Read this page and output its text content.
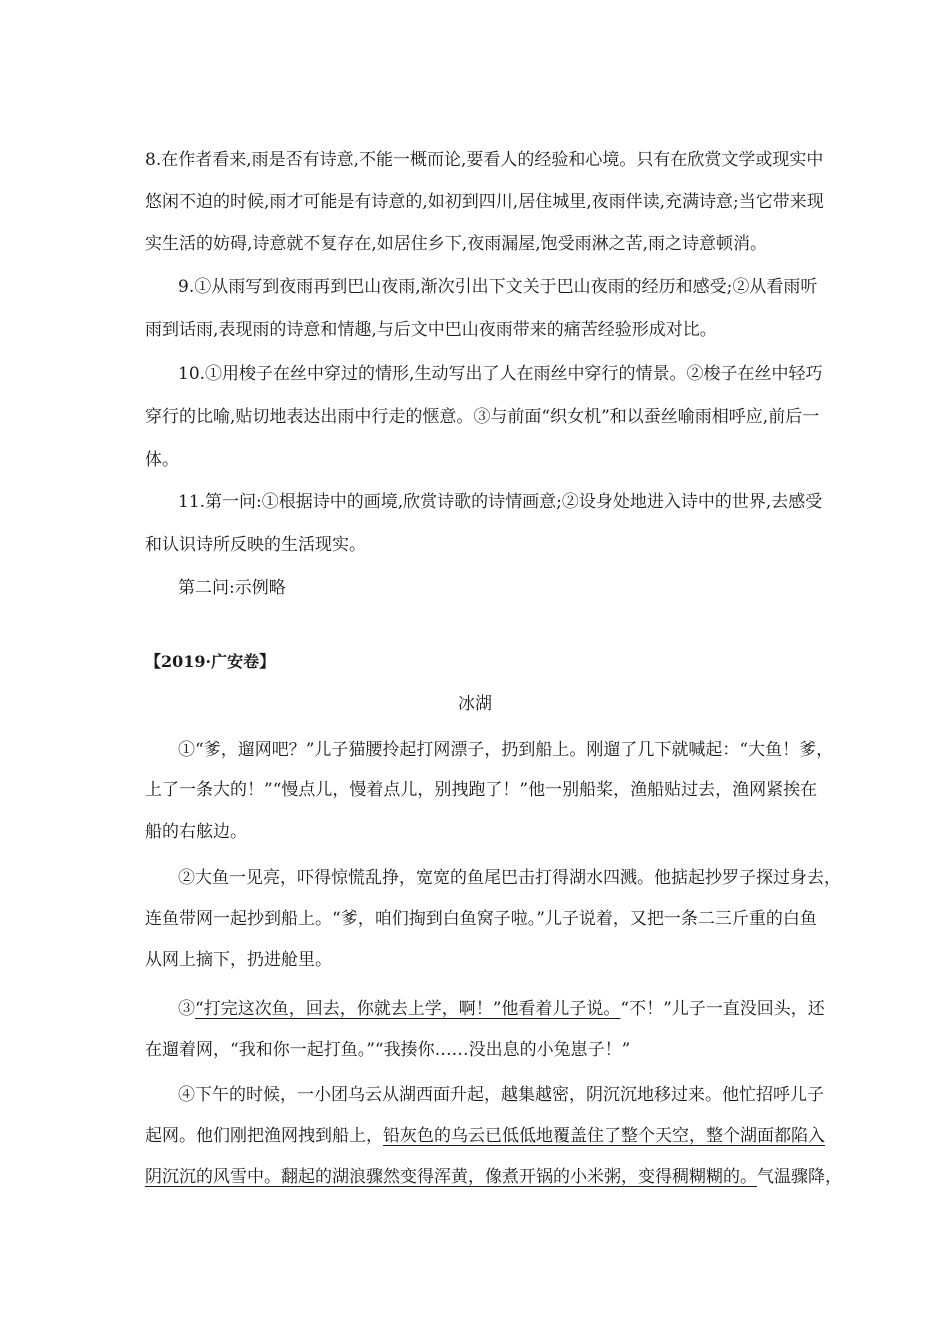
8.在作者看来,雨是否有诗意,不能一概而论,要看人的经验和心境。只有在欣赏文学或现实中
悠闲不迫的时候,雨才可能是有诗意的,如初到四川,居住城里,夜雨伴读,充满诗意;当它带来现
实生活的妨碍,诗意就不复存在,如居住乡下,夜雨漏屋,饱受雨淋之苦,雨之诗意顿消。
9.①从雨写到夜雨再到巴山夜雨,渐次引出下文关于巴山夜雨的经历和感受;②从看雨听
雨到话雨,表现雨的诗意和情趣,与后文中巴山夜雨带来的痛苦经验形成对比。
10.①用梭子在丝中穿过的情形,生动写出了人在雨丝中穿行的情景。②梭子在丝中轻巧
穿行的比喻,贴切地表达出雨中行走的惬意。③与前面“织女机”和以蚕丝喻雨相呼应,前后一
体。
11.第一问:①根据诗中的画境,欣赏诗歌的诗情画意;②设身处地进入诗中的世界,去感受
和认识诗所反映的生活现实。
第二问:示例略
【2019·广安卷】
冰湖
①“爹，遛网吧？”儿子猫腰拎起打网漂子，扔到船上。刚遛了几下就喊起：“大鱼！爹，
上了一条大的！”“慢点儿，慢着点儿，别拽跑了！”他一别船桨，渔船贴过去，渔网紧挨在
船的右舷边。
②大鱼一见亮，吓得惊慌乱挣，宽宽的鱼尾巴击打得湖水四溅。他掂起抄罗子探过身去，
连鱼带网一起抄到船上。“爹，咱们掏到白鱼窝子啦。”儿子说着，又把一条二三斤重的白鱼
从网上摘下，扔进舱里。
③“打完这次鱼，回去，你就去上学，啊！”他看着儿子说。“不！”儿子一直没回头，还
在遛着网，“我和你一起打鱼。”“我揍你……没出息的小兔崽子！”
④下午的时候，一小团乌云从湖西面升起，越集越密，阴沉沉地移过来。他忙招呼儿子
起网。他们刚把渔网拽到船上，铅灰色的乌云已低低地覆盖住了整个天空，整个湖面都陷入
阴沉沉的风雪中。翻起的湖浪骤然变得浑黄，像煮开锅的小米粥，变得稠糊糊的。气温骤降，
